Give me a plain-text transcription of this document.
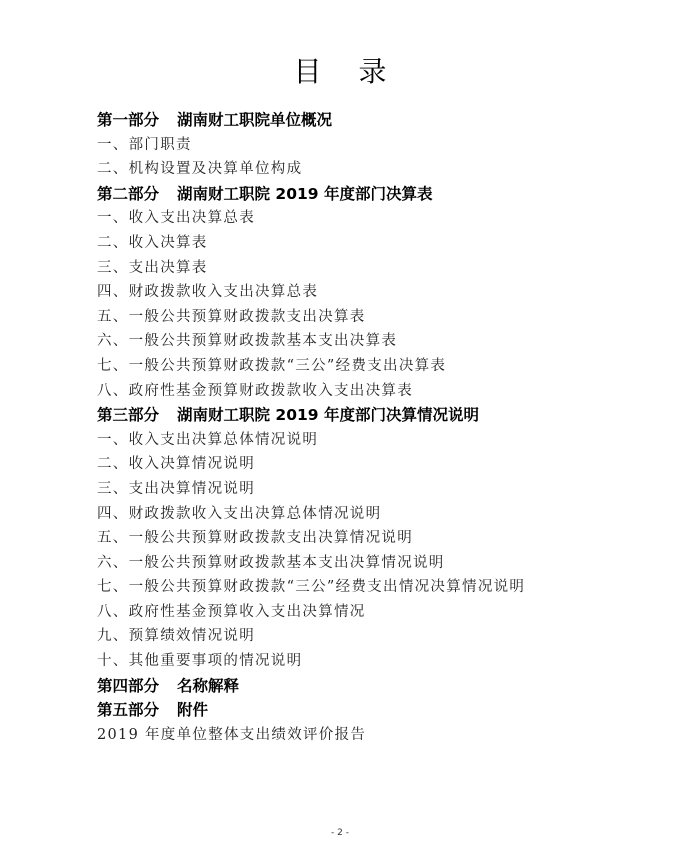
目 录
第一部分 湖南财工职院单位概况
一、部门职责
二、机构设置及决算单位构成
第二部分 湖南财工职院 2019 年度部门决算表
一、收入支出决算总表
二、收入决算表
三、支出决算表
四、财政拨款收入支出决算总表
五、一般公共预算财政拨款支出决算表
六、一般公共预算财政拨款基本支出决算表
七、一般公共预算财政拨款“三公”经费支出决算表
八、政府性基金预算财政拨款收入支出决算表
第三部分 湖南财工职院 2019 年度部门决算情况说明
一、收入支出决算总体情况说明
二、收入决算情况说明
三、支出决算情况说明
四、财政拨款收入支出决算总体情况说明
五、一般公共预算财政拨款支出决算情况说明
六、一般公共预算财政拨款基本支出决算情况说明
七、一般公共预算财政拨款“三公”经费支出情况决算情况说明
八、政府性基金预算收入支出决算情况
九、预算绩效情况说明
十、其他重要事项的情况说明
第四部分 名称解释
第五部分 附件
2019 年度单位整体支出绩效评价报告
- 2 -
